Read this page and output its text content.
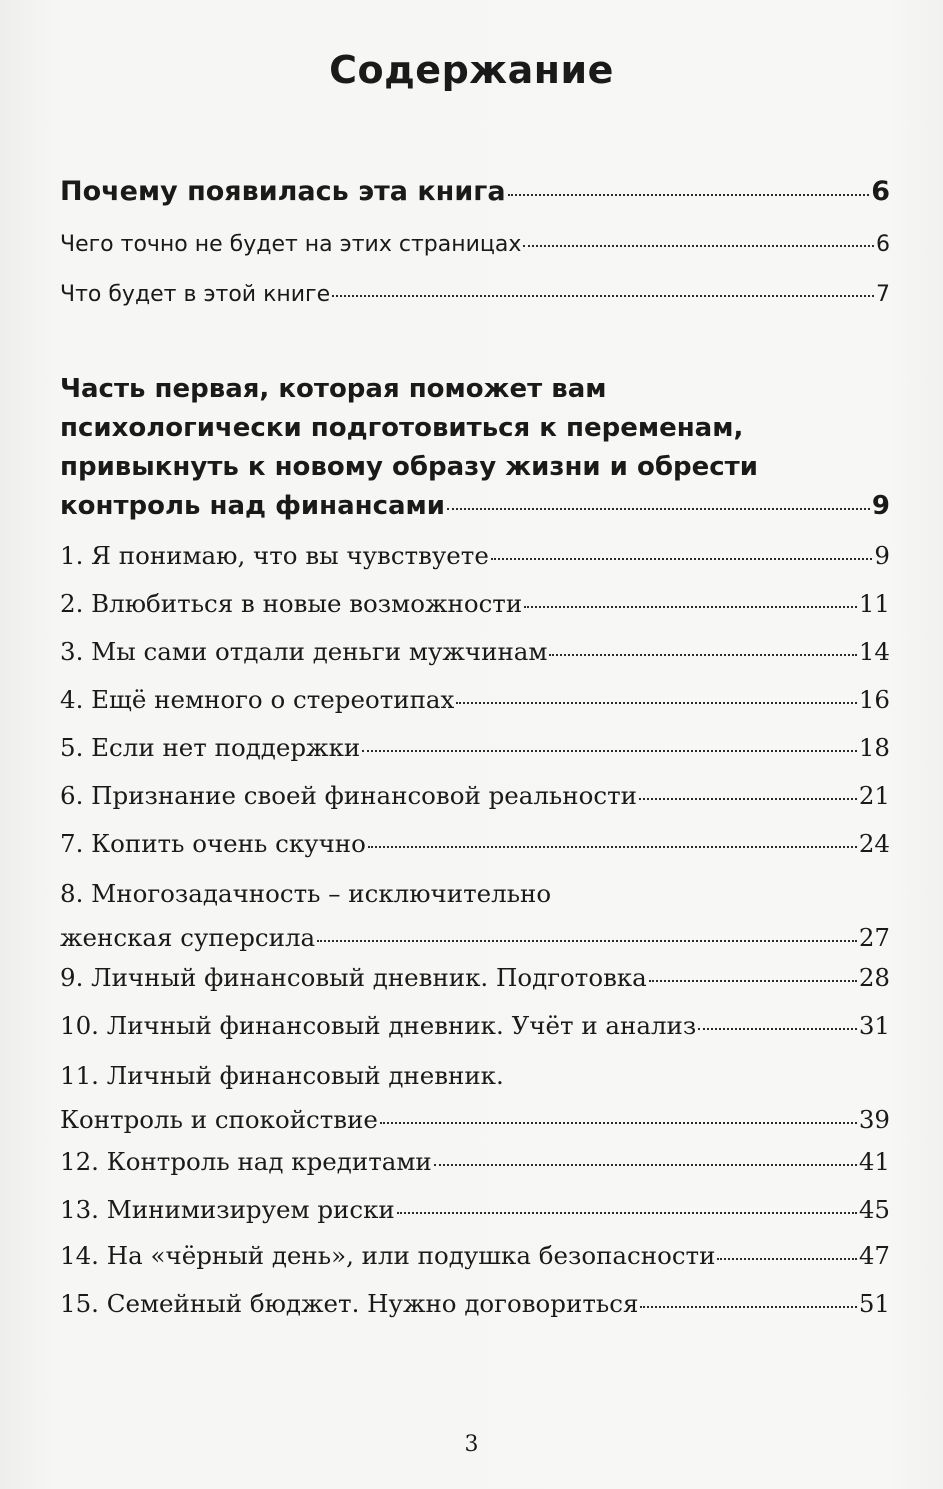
Содержание
Почему появилась эта книга	6
Чего точно не будет на этих страницах	6
Что будет в этой книге	7
Часть первая, которая поможет вам
психологически подготовиться к переменам,
привыкнуть к новому образу жизни и обрести
контроль над финансами	9
1. Я понимаю, что вы чувствуете	9
2. Влюбиться в новые возможности	11
3. Мы сами отдали деньги мужчинам	14
4. Ещё немного о стереотипах	16
5. Если нет поддержки	18
6. Признание своей финансовой реальности	21
7. Копить очень скучно	24
8. Многозадачность – исключительно
женская суперсила	27
9. Личный финансовый дневник. Подготовка	28
10. Личный финансовый дневник. Учёт и анализ	31
11. Личный финансовый дневник.
Контроль и спокойствие	39
12. Контроль над кредитами	41
13. Минимизируем риски	45
14. На «чёрный день», или подушка безопасности	47
15. Семейный бюджет. Нужно договориться	51
3
